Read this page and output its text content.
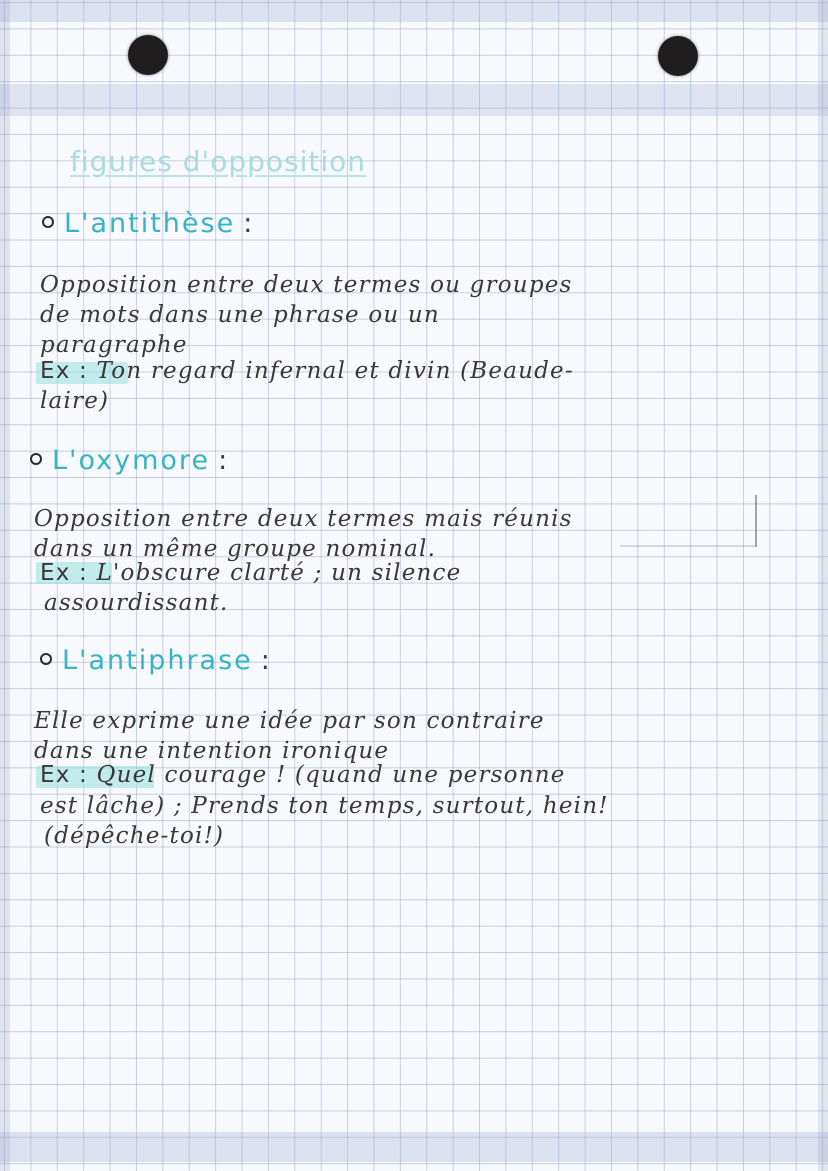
figures d'opposition
L'antithèse :
Opposition entre deux termes ou groupes
de mots dans une phrase ou un
paragraphe
Ex : Ton regard infernal et divin (Beaude-
laire)
L'oxymore :
Opposition entre deux termes mais réunis
dans un même groupe nominal.
Ex : L'obscure clarté ; un silence
assourdissant.
L'antiphrase :
Elle exprime une idée par son contraire
dans une intention ironique
Ex : Quel courage ! (quand une personne
est lâche) ; Prends ton temps, surtout, hein!
(dépêche-toi!)
